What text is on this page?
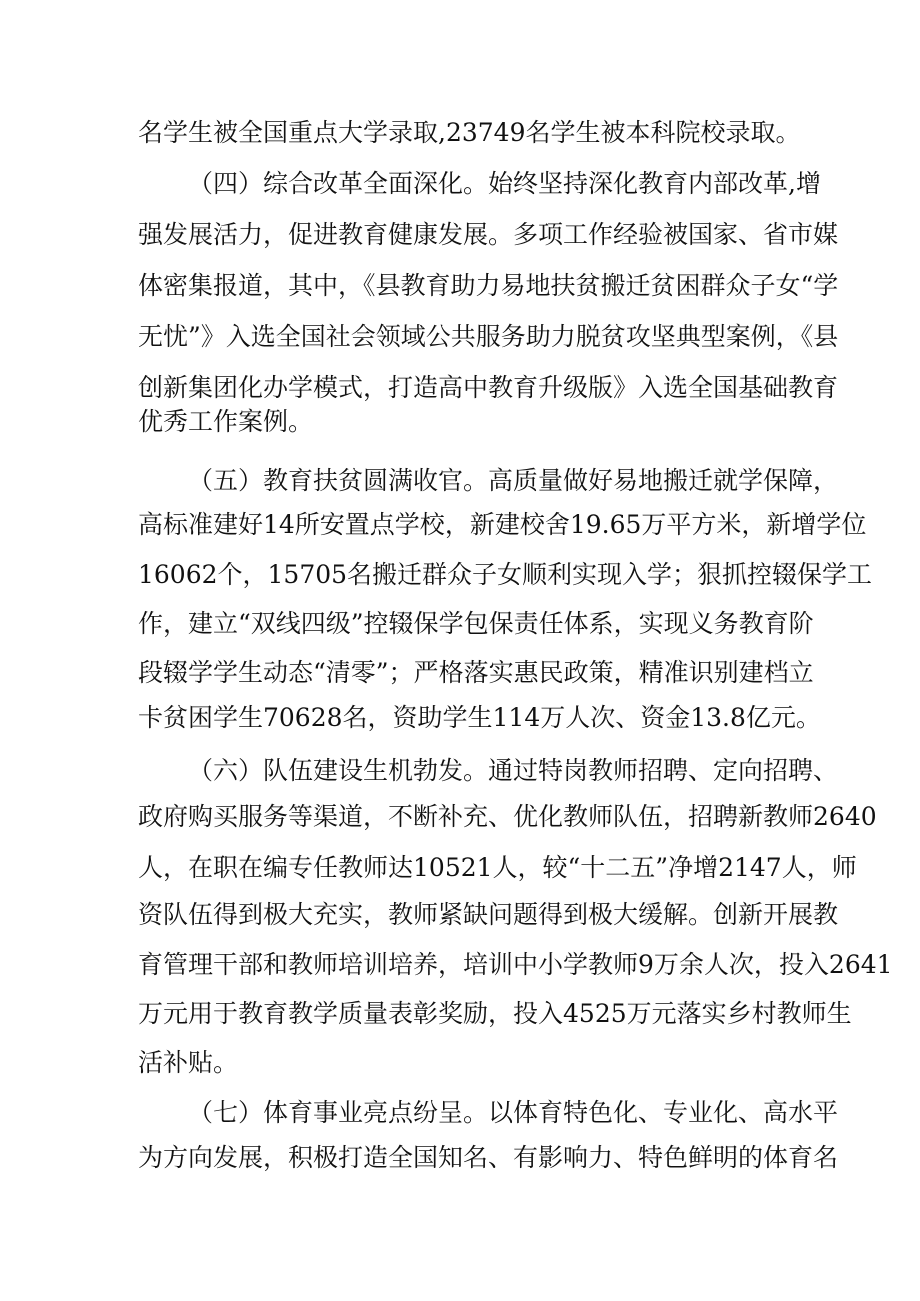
名学生被全国重点大学录取,23749名学生被本科院校录取。
（四）综合改革全面深化。始终坚持深化教育内部改革,增
强发展活力，促进教育健康发展。多项工作经验被国家、省市媒
体密集报道，其中，《县教育助力易地扶贫搬迁贫困群众子女“学
无忧”》入选全国社会领域公共服务助力脱贫攻坚典型案例，《县
创新集团化办学模式，打造高中教育升级版》入选全国基础教育
优秀工作案例。
（五）教育扶贫圆满收官。高质量做好易地搬迁就学保障，
高标准建好14所安置点学校，新建校舍19.65万平方米，新增学位
16062个，15705名搬迁群众子女顺利实现入学；狠抓控辍保学工
作，建立“双线四级”控辍保学包保责任体系，实现义务教育阶
段辍学学生动态“清零”；严格落实惠民政策，精准识别建档立
卡贫困学生70628名，资助学生114万人次、资金13.8亿元。
（六）队伍建设生机勃发。通过特岗教师招聘、定向招聘、
政府购买服务等渠道，不断补充、优化教师队伍，招聘新教师2640
人，在职在编专任教师达10521人，较“十二五”净增2147人，师
资队伍得到极大充实，教师紧缺问题得到极大缓解。创新开展教
育管理干部和教师培训培养，培训中小学教师9万余人次，投入2641
万元用于教育教学质量表彰奖励，投入4525万元落实乡村教师生
活补贴。
（七）体育事业亮点纷呈。以体育特色化、专业化、高水平
为方向发展，积极打造全国知名、有影响力、特色鲜明的体育名
